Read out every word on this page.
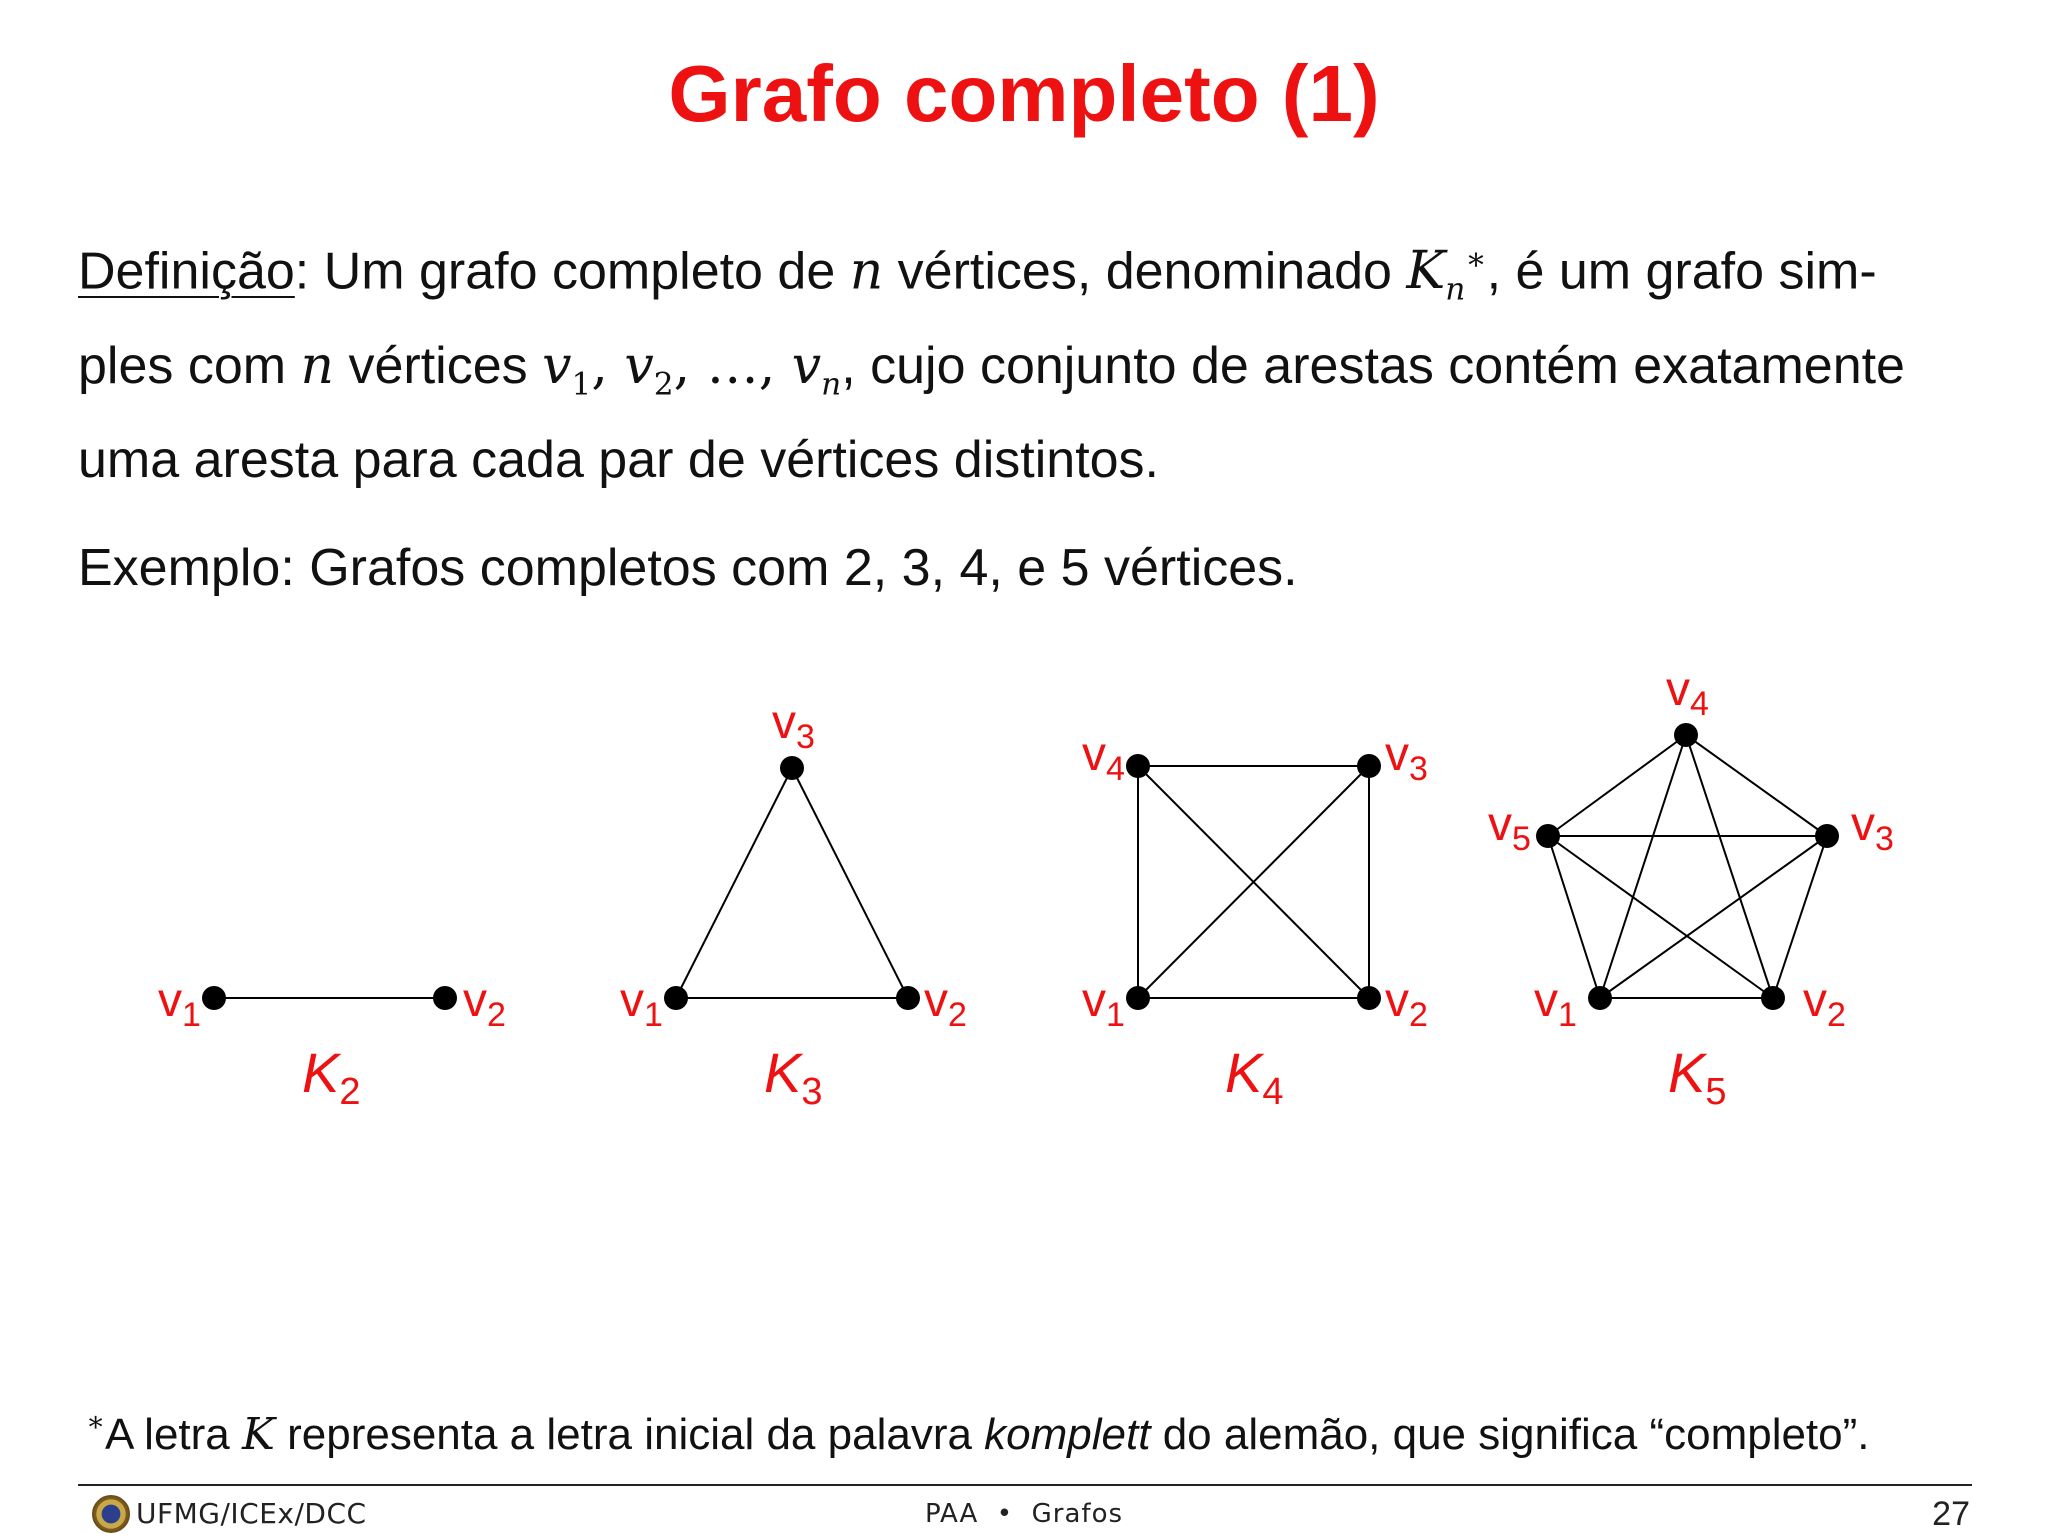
Grafo completo (1)
Definição: Um grafo completo de n vértices, denominado $K_n^∗$, é um grafo sim-
ples com n vértices $v_1$, $v_2$, …, $v_n$, cujo conjunto de arestas contém exatamente
uma aresta para cada par de vértices distintos.
Exemplo: Grafos completos com 2, 3, 4, e 5 vértices.
$v_1$	$v_2$
$K_2$
$v_1$	$v_2$
$v_3$
$K_3$
$v_1$	$v_2$
$v_3$
$v_4$
$K_4$
$v_1$	$v_2$
$v_3$
$v_4$
$v_5$
$K_5$
∗A letra K representa a letra inicial da palavra komplett do alemão, que significa “completo”.
UFMG/ICEx/DCC	PAA • Grafos	27
